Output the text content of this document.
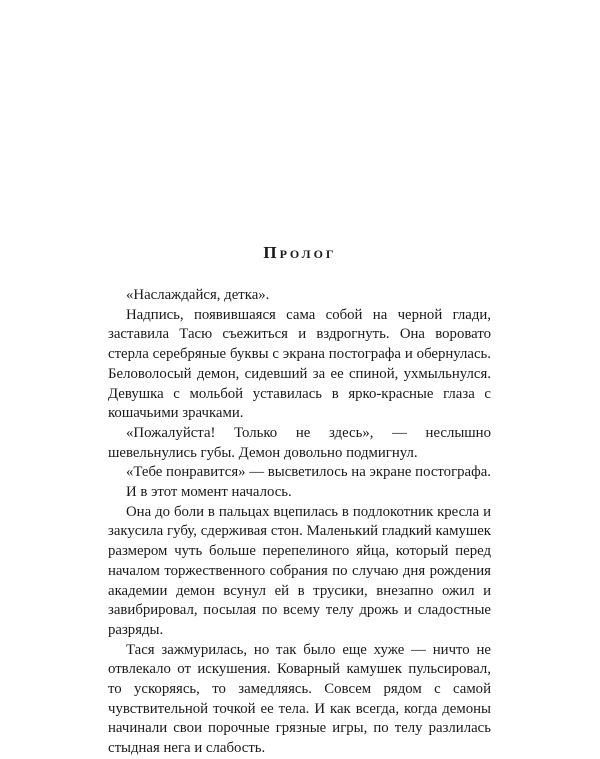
Пролог

«Наслаждайся, детка».

Надпись, появившаяся сама собой на черной глади, заставила Тасю съежиться и вздрогнуть. Она воровато стерла серебряные буквы с экрана постографа и обернулась. Беловолосый демон, сидевший за ее спиной, ухмыльнулся. Девушка с мольбой уставилась в ярко-красные глаза с кошачьими зрачками.

«Пожалуйста! Только не здесь», — неслышно шевельнулись губы. Демон довольно подмигнул.

«Тебе понравится» — высветилось на экране постографа.

И в этот момент началось.

Она до боли в пальцах вцепилась в подлокотник кресла и закусила губу, сдерживая стон. Маленький гладкий камушек размером чуть больше перепелиного яйца, который перед началом торжественного собрания по случаю дня рождения академии демон всунул ей в трусики, внезапно ожил и завибрировал, посылая по всему телу дрожь и сладостные разряды.

Тася зажмурилась, но так было еще хуже — ничто не отвлекало от искушения. Коварный камушек пульсировал, то ускоряясь, то замедляясь. Совсем рядом с самой чувствительной точкой ее тела. И как всегда, когда демоны начинали свои порочные грязные игры, по телу разлилась стыдная нега и слабость.
